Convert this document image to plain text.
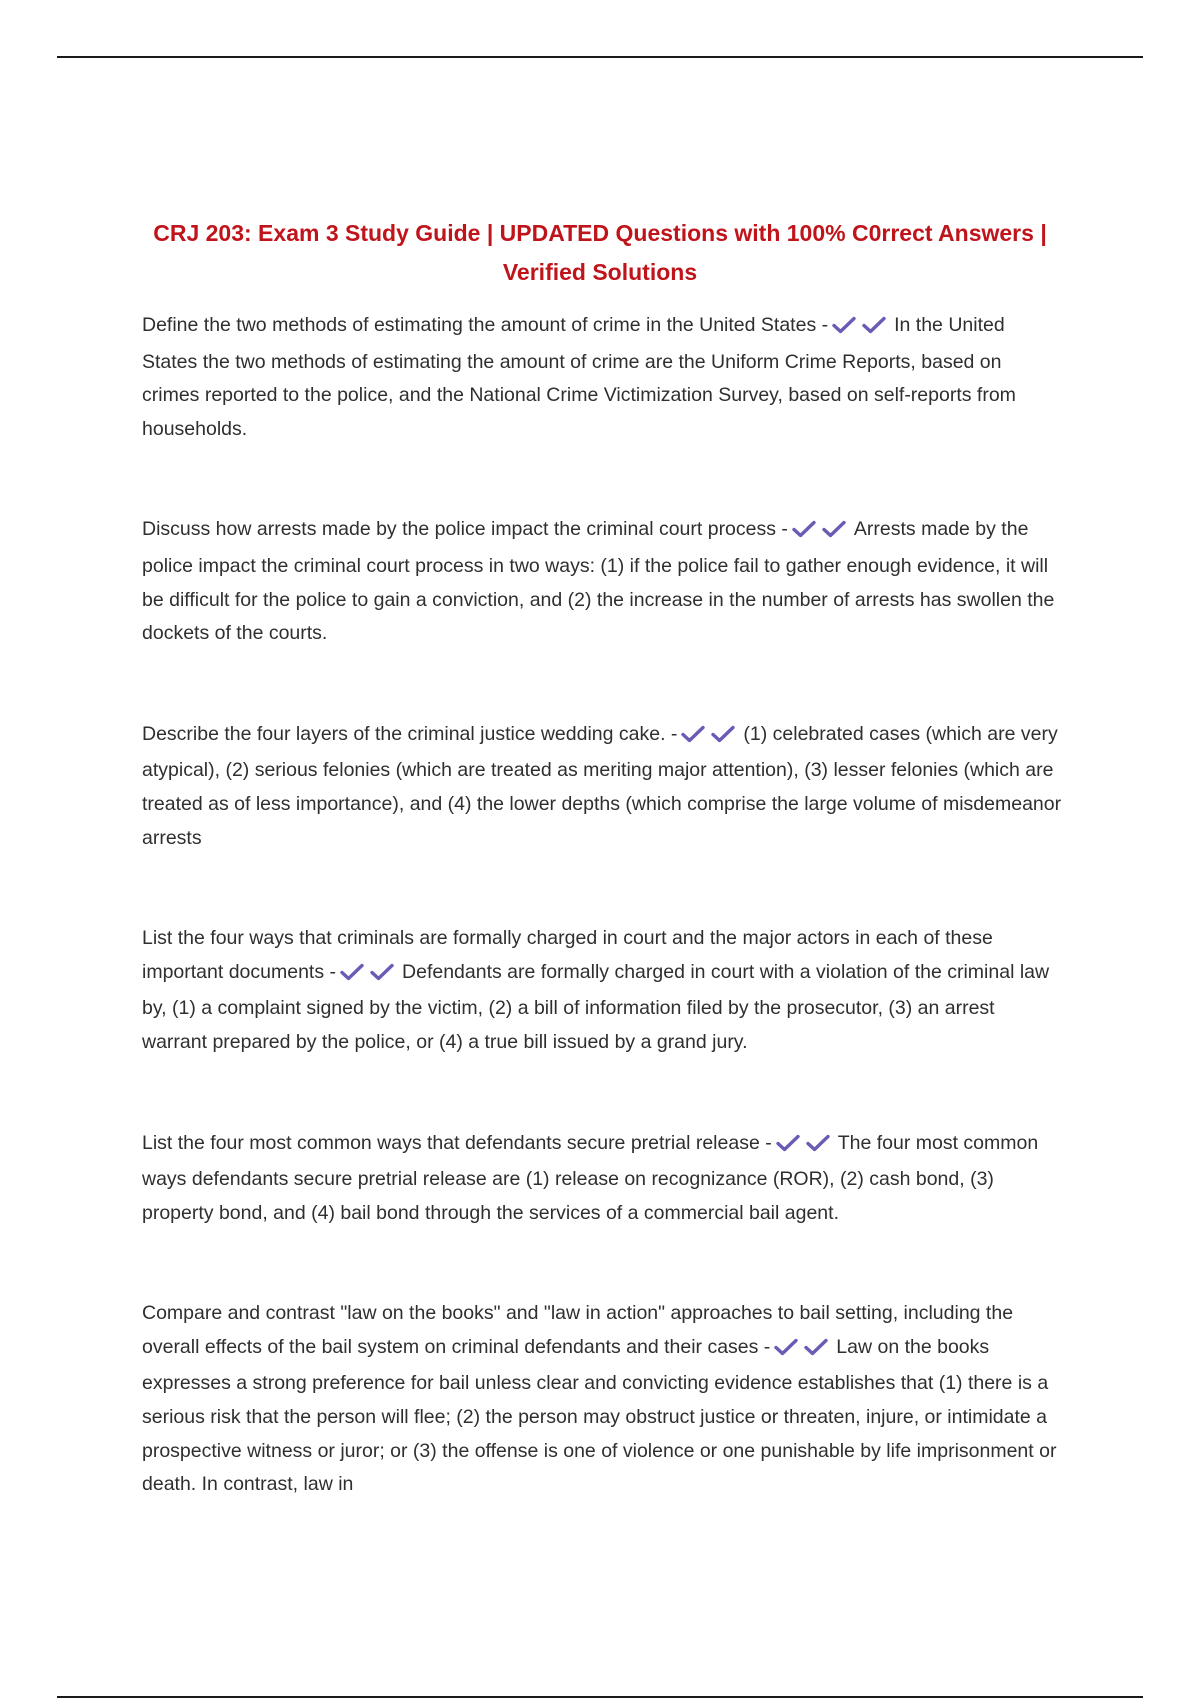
CRJ 203: Exam 3 Study Guide | UPDATED Questions with 100% C0rrect Answers | Verified Solutions

Define the two methods of estimating the amount of crime in the United States -	In the United States the two methods of estimating the amount of crime are the Uniform Crime Reports, based on crimes reported to the police, and the National Crime Victimization Survey, based on self-reports from households.

Discuss how arrests made by the police impact the criminal court process -	Arrests made by the police impact the criminal court process in two ways: (1) if the police fail to gather enough evidence, it will be difficult for the police to gain a conviction, and (2) the increase in the number of arrests has swollen the dockets of the courts.

Describe the four layers of the criminal justice wedding cake. -	(1) celebrated cases (which are very atypical), (2) serious felonies (which are treated as meriting major attention), (3) lesser felonies (which are treated as of less importance), and (4) the lower depths (which comprise the large volume of misdemeanor arrests

List the four ways that criminals are formally charged in court and the major actors in each of these important documents -	Defendants are formally charged in court with a violation of the criminal law by, (1) a complaint signed by the victim, (2) a bill of information filed by the prosecutor, (3) an arrest warrant prepared by the police, or (4) a true bill issued by a grand jury.

List the four most common ways that defendants secure pretrial release -	The four most common ways defendants secure pretrial release are (1) release on recognizance (ROR), (2) cash bond, (3) property bond, and (4) bail bond through the services of a commercial bail agent.

Compare and contrast "law on the books" and "law in action" approaches to bail setting, including the overall effects of the bail system on criminal defendants and their cases -	Law on the books expresses a strong preference for bail unless clear and convicting evidence establishes that (1) there is a serious risk that the person will flee; (2) the person may obstruct justice or threaten, injure, or intimidate a prospective witness or juror; or (3) the offense is one of violence or one punishable by life imprisonment or death. In contrast, law in
